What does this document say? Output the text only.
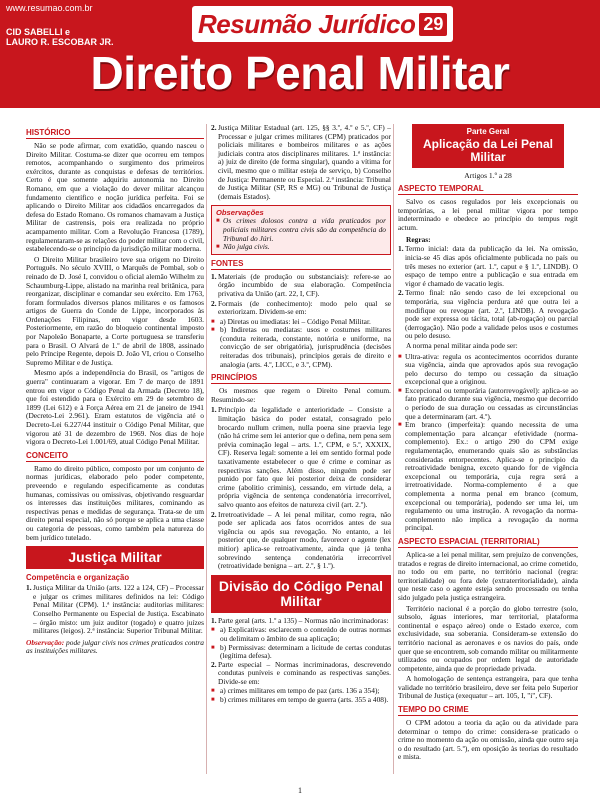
www.resumao.com.br
Resumão Jurídico 29
CID SABELLI e
LAURO R. ESCOBAR JR.
Direito Penal Militar
HISTÓRICO

Não se pode afirmar, com exatidão, quando nasceu o Direito Militar. Costuma-se dizer que ocorreu em tempos remotos, acompanhando o surgimento dos primeiros exércitos, durante as conquistas e defesas de territórios. Certo é que somente adquiriu autonomia no Direito Romano, em que a violação do dever militar alcançou fundamento científico e noção jurídica perfeita. Foi se aplicando o Direito Militar aos cidadãos encarregados da defesa do Estado Romano. Os romanos chamavam a Justiça Militar de castrensis, pois era realizada no próprio acampamento militar. Com a Revolução Francesa (1789), regulamentaram-se as relações do poder militar com o civil, estabelecendo-se o princípio da jurisdição militar moderna.

O Direito Militar brasileiro teve sua origem no Direito Português. No século XVIII, o Marquês de Pombal, sob o reinado de D. José I, convidou o oficial alemão Wilhelm zu Schaumburg-Lippe, alistado na marinha real britânica, para reorganizar, disciplinar e comandar seu exército. Em 1763, foram formulados diversos planos militares e os famosos artigos de Guerra do Conde de Lippe, incorporados às Ordenações Filipinas, em vigor desde 1603. Posteriormente, em razão do bloqueio continental imposto por Napoleão Bonaparte, a Corte portuguesa se transferiu para o Brasil. O Alvará de 1.º de abril de 1808, assinado pelo Príncipe Regente, depois D. João VI, criou o Conselho Supremo Militar e de Justiça.

Mesmo após a independência do Brasil, os "artigos de guerra" continuaram a vigorar. Em 7 de março de 1891 entrou em vigor o Código Penal da Armada (Decreto 18), que foi estendido para o Exército em 29 de setembro de 1899 (Lei 612) e à Força Aérea em 21 de janeiro de 1941 (Decreto-Lei 2.961). Eram estatutos de vigência até o Decreto-Lei 6.227/44 instituir o Código Penal Militar, que vigorou até 31 de dezembro de 1969. Nos dias de hoje vigora o Decreto-Lei 1.001/69, atual Código Penal Militar.

CONCEITO

Ramo do direito público, composto por um conjunto de normas jurídicas, elaborado pelo poder competente, preveendo e regulando especificamente as condutas humanas, comissivas ou omissivas, objetivando resguardar os interesses das instituições militares, cominando as respectivas penas e medidas de segurança. Trata-se de um direito penal especial, não só porque se aplica a uma classe ou categoria de pessoas, como também pela natureza do bem jurídico tutelado.

Justiça Militar
Competência e organização
1. Justiça Militar da União (arts. 122 a 124, CF) – Processar e julgar os crimes militares definidos na lei: Código Penal Militar (CPM). 1.ª instância: auditorias militares: Conselho Permanente ou Especial de Justiça. Escabinato – órgão misto: um juiz auditor (togado) e quatro juízes militares (leigos). 2.ª instância: Superior Tribunal Militar.
Observação: pode julgar civis nos crimes praticados contra as instituições militares.
2. Justiça Militar Estadual (art. 125, §§ 3.º, 4.º e 5.º, CF) – Processar e julgar crimes militares (CPM) praticados por policiais militares e bombeiros militares e as ações judiciais contra atos disciplinares militares. 1.ª instância: a) juiz de direito (de forma singular), quando a vítima for civil, mesmo que o militar esteja de serviço, b) Conselho de Justiça: Permanente ou Especial. 2.ª instância: Tribunal de Justiça Militar (SP, RS e MG) ou Tribunal de Justiça (demais Estados).
Observações
■ Os crimes dolosos contra a vida praticados por policiais militares contra civis são da competência do Tribunal do Júri.
■ Não julga civis.
FONTES
1. Materiais (de produção ou substanciais): refere-se ao órgão incumbido de sua elaboração. Competência privativa da União (art. 22, I, CF).
2. Formais (de conhecimento): modo pelo qual se exteriorizam. Dividem-se em:
■ a) Diretas ou imediatas: lei – Código Penal Militar.
■ b) Indiretas ou mediatas: usos e costumes militares (conduta reiterada, constante, notória e uniforme, na convicção de ser obrigatória), jurisprudência (decisões reiteradas dos tribunais), princípios gerais de direito e analogia (arts. 4.º, LICC, e 3.º, CPM).
PRINCÍPIOS

Os mesmos que regem o Direito Penal comum. Resumindo-se:

1. Princípio da legalidade e anterioridade – Consiste a limitação básica do poder estatal, consagrado pelo brocardo nullum crimen, nulla poena sine praevia lege (não há crime sem lei anterior que o defina, nem pena sem prévia cominação legal – arts. 1.º, CPM, e 5.º, XXXIX, CF). Reserva legal: somente a lei em sentido formal pode taxativamente estabelecer o que é crime e cominar as respectivas sanções. Além disso, ninguém pode ser punido por fato que lei posterior deixa de considerar crime (abolitio criminis), cessando, em virtude dela, a própria vigência de sentença condenatória irrecorrível, salvo quanto aos efeitos de natureza civil (art. 2.º).
2. Irretroatividade – A lei penal militar, como regra, não pode ser aplicada aos fatos ocorridos antes de sua vigência ou após sua revogação. No entanto, a lei posterior que, de qualquer modo, favorecer o agente (lex mitior) aplica-se retroativamente, ainda que já tenha sobrevindo sentença condenatória irrecorrível (retroatividade benigna – art. 2.º, § 1.º).
Divisão do Código Penal Militar
1. Parte geral (arts. 1.º a 135) – Normas não incriminadoras:
■ a) Explicativas: esclarecem o conteúdo de outras normas ou delimitam o âmbito de sua aplicação;
■ b) Permissivas: determinam a licitude de certas condutas (legítima defesa).
2. Parte especial – Normas incriminadoras, descrevendo condutas puníveis e cominando as respectivas sanções. Divide-se em:
■ a) crimes militares em tempo de paz (arts. 136 a 354);
■ b) crimes militares em tempo de guerra (arts. 355 a 408).
Parte Geral
Aplicação da Lei Penal Militar
Artigos 1.º a 28
ASPECTO TEMPORAL

Salvo os casos regulados por leis excepcionais ou temporárias, a lei penal militar vigora por tempo indeterminado e obedece ao princípio do tempus regit actum.

Regras:
1. Termo inicial: data da publicação da lei. Na omissão, inicia-se 45 dias após oficialmente publicada no país ou três meses no exterior (art. 1.º, caput e § 1.º, LINDB). O espaço de tempo entre a publicação e sua entrada em vigor é chamado de vacatio legis.
2. Termo final: não sendo caso de lei excepcional ou temporária, sua vigência perdura até que outra lei a modifique ou revogue (art. 2.º, LINDB). A revogação pode ser expressa ou tácita, total (ab-rogação) ou parcial (derrogação). Não pode a validade pelos usos e costumes ou pelo desuso.

A norma penal militar ainda pode ser:

■ Ultra-ativa: regula os acontecimentos ocorridos durante sua vigência, ainda que aprovados após sua revogação pelo decurso do tempo ou cessação da situação excepcional que a originou.
■ Excepcional ou temporária (autorrevogável): aplica-se ao fato praticado durante sua vigência, mesmo que decorrido o período de sua duração ou cessadas as circunstâncias que a determinaram (art. 4.º).
■ Em branco (imperfeita): quando necessita de uma complementação para alcançar efetividade (norma-complemento). Ex.: o artigo 290 do CPM exige regulamentação, enumerando quais são as substâncias consideradas entorpecentes. Aplica-se o princípio da retroatividade benigna, exceto quando for de vigência excepcional ou temporária, cuja regra será a irretroatividade. Norma-complemento é a que complementa a norma penal em branco (comum, excepcional ou temporária), podendo ser uma lei, um regulamento ou uma instrução. A revogação da norma-complemento não implica a revogação da norma principal.
ASPECTO ESPACIAL (TERRITORIAL)

Aplica-se a lei penal militar, sem prejuízo de convenções, tratados e regras de direito internacional, ao crime cometido, no todo ou em parte, no território nacional (regra: territorialidade) ou fora dele (extraterritorialidade), ainda que neste caso o agente esteja sendo processado ou tenha sido julgado pela justiça estrangeira.

Território nacional é a porção do globo terrestre (solo, subsolo, águas interiores, mar territorial, plataforma continental e espaço aéreo) onde o Estado exerce, com exclusividade, sua soberania. Consideram-se extensão do território nacional as aeronaves e os navios do país, onde quer que se encontrem, sob comando militar ou militarmente utilizados ou ocupados por ordem legal de autoridade competente, ainda que de propriedade privada.

A homologação de sentença estrangeira, para que tenha validade no território brasileiro, deve ser feita pelo Superior Tribunal de Justiça (exequatur – art. 105, I, "i", CF).

TEMPO DO CRIME

O CPM adotou a teoria da ação ou da atividade para determinar o tempo do crime: considera-se praticado o crime no momento da ação ou omissão, ainda que outro seja o do resultado (art. 5.º), em oposição às teorias do resultado e mista.

1
